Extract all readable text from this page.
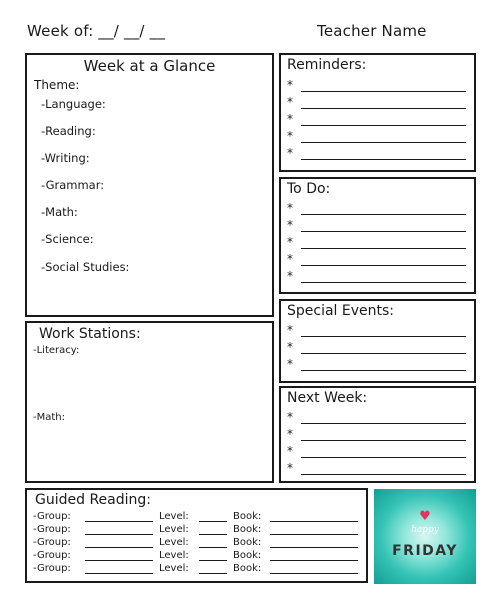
Week of: __/ __/ __	Teacher Name
Week at a Glance
Theme:
-Language:
-Reading:
-Writing:
-Grammar:
-Math:
-Science:
-Social Studies:
Work Stations:
-Literacy:
-Math:
Reminders:
*
*
*
*
*
To Do:
*
*
*
*
*
Special Events:
*
*
*
Next Week:
*
*
*
*
Guided Reading:
-Group:	Level:	Book:
-Group:	Level:	Book:
-Group:	Level:	Book:
-Group:	Level:	Book:
-Group:	Level:	Book:
♥
happy
FRIDAY
